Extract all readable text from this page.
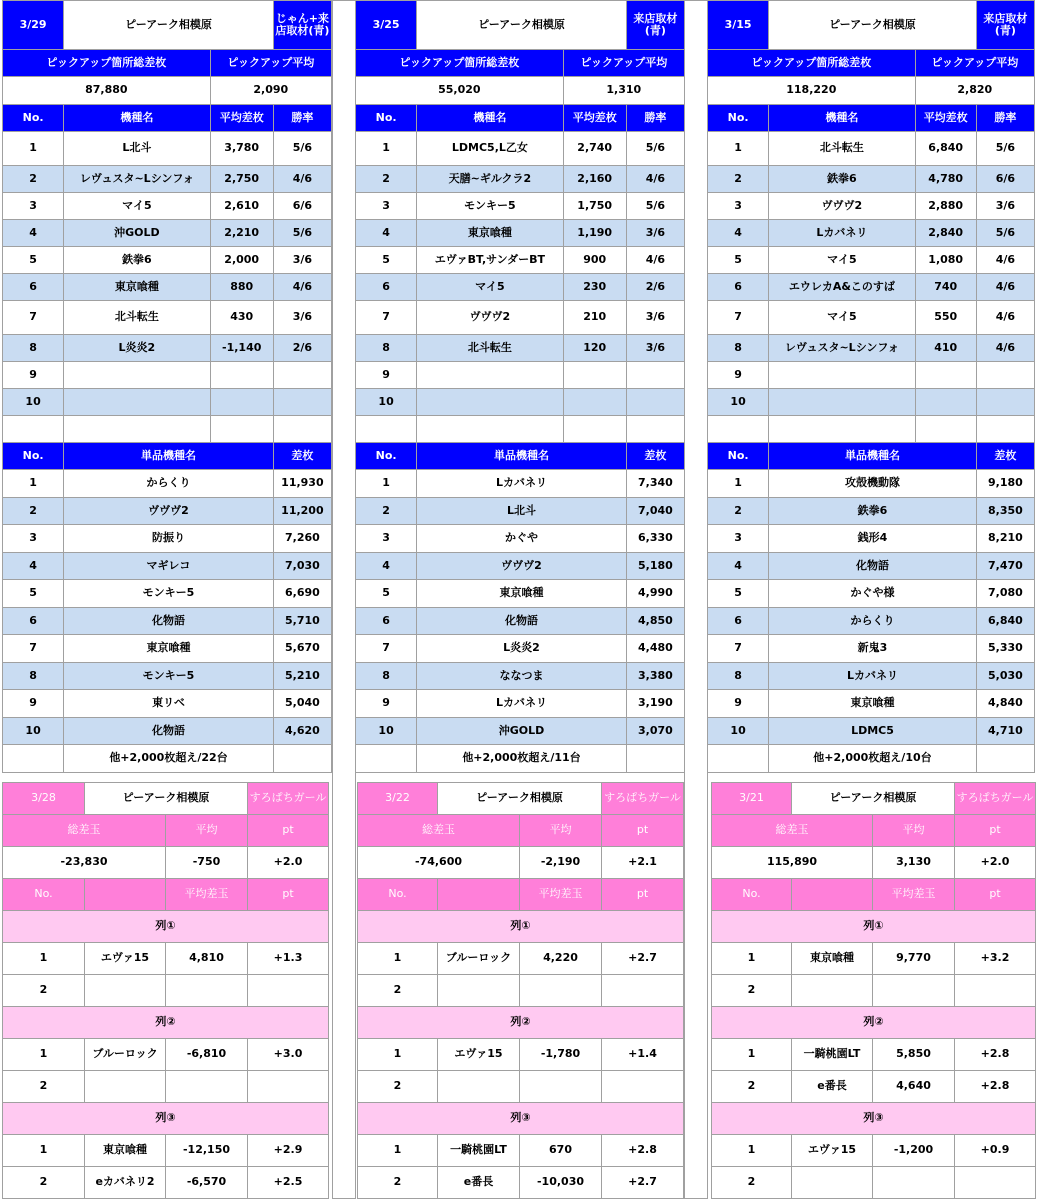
3/29	ピーアーク相模原		じゃん+来店取材(青)
ピックアップ箇所総差枚		ピックアップ平均	
87,880		2,090	
No.	機種名	平均差枚	勝率
1	L北斗	3,780	5/6
2	レヴュスタ~Lシンフォ	2,750	4/6
3	マイ5	2,610	6/6
4	沖GOLD	2,210	5/6
5	鉄拳6	2,000	3/6
6	東京喰種	880	4/6
7	北斗転生	430	3/6
8	L炎炎2	-1,140	2/6
9			
10			

No.	単品機種名		差枚
1	からくり		11,930
2	ヴヴヴ2		11,200
3	防振り		7,260
4	マギレコ		7,030
5	モンキー5		6,690
6	化物語		5,710
7	東京喰種		5,670
8	モンキー5		5,210
9	東リベ		5,040
10	化物語		4,620
	他+2,000枚超え/22台		
3/25	ピーアーク相模原		来店取材(青)
ピックアップ箇所総差枚		ピックアップ平均	
55,020		1,310	
No.	機種名	平均差枚	勝率
1	LDMC5,L乙女	2,740	5/6
2	天膳~ギルクラ2	2,160	4/6
3	モンキー5	1,750	5/6
4	東京喰種	1,190	3/6
5	エヴァBT,サンダーBT	900	4/6
6	マイ5	230	2/6
7	ヴヴヴ2	210	3/6
8	北斗転生	120	3/6
9			
10			

No.	単品機種名		差枚
1	Lカバネリ		7,340
2	L北斗		7,040
3	かぐや		6,330
4	ヴヴヴ2		5,180
5	東京喰種		4,990
6	化物語		4,850
7	L炎炎2		4,480
8	ななつま		3,380
9	Lカバネリ		3,190
10	沖GOLD		3,070
	他+2,000枚超え/11台		
3/15	ピーアーク相模原		来店取材(青)
ピックアップ箇所総差枚		ピックアップ平均	
118,220		2,820	
No.	機種名	平均差枚	勝率
1	北斗転生	6,840	5/6
2	鉄拳6	4,780	6/6
3	ヴヴヴ2	2,880	3/6
4	Lカバネリ	2,840	5/6
5	マイ5	1,080	4/6
6	エウレカA&このすば	740	4/6
7	マイ5	550	4/6
8	レヴュスタ~Lシンフォ	410	4/6
9			
10			

No.	単品機種名		差枚
1	攻殻機動隊		9,180
2	鉄拳6		8,350
3	銭形4		8,210
4	化物語		7,470
5	かぐや様		7,080
6	からくり		6,840
7	新鬼3		5,330
8	Lカバネリ		5,030
9	東京喰種		4,840
10	LDMC5		4,710
	他+2,000枚超え/10台		
3/28	ピーアーク相模原		すろぱちガール
総差玉		平均	pt
-23,830		-750	+2.0
No.		平均差玉	pt
列①			
1	エヴァ15	4,810	+1.3
2			
列②			
1	ブルーロック	-6,810	+3.0
2			
列③			
1	東京喰種	-12,150	+2.9
2	eカバネリ2	-6,570	+2.5
3/22	ピーアーク相模原		すろぱちガール
総差玉		平均	pt
-74,600		-2,190	+2.1
No.		平均差玉	pt
列①			
1	ブルーロック	4,220	+2.7
2			
列②			
1	エヴァ15	-1,780	+1.4
2			
列③			
1	一騎桃園LT	670	+2.8
2	e番長	-10,030	+2.7
3/21	ピーアーク相模原		すろぱちガール
総差玉		平均	pt
115,890		3,130	+2.0
No.		平均差玉	pt
列①			
1	東京喰種	9,770	+3.2
2			
列②			
1	一騎桃園LT	5,850	+2.8
2	e番長	4,640	+2.8
列③			
1	エヴァ15	-1,200	+0.9
2			
